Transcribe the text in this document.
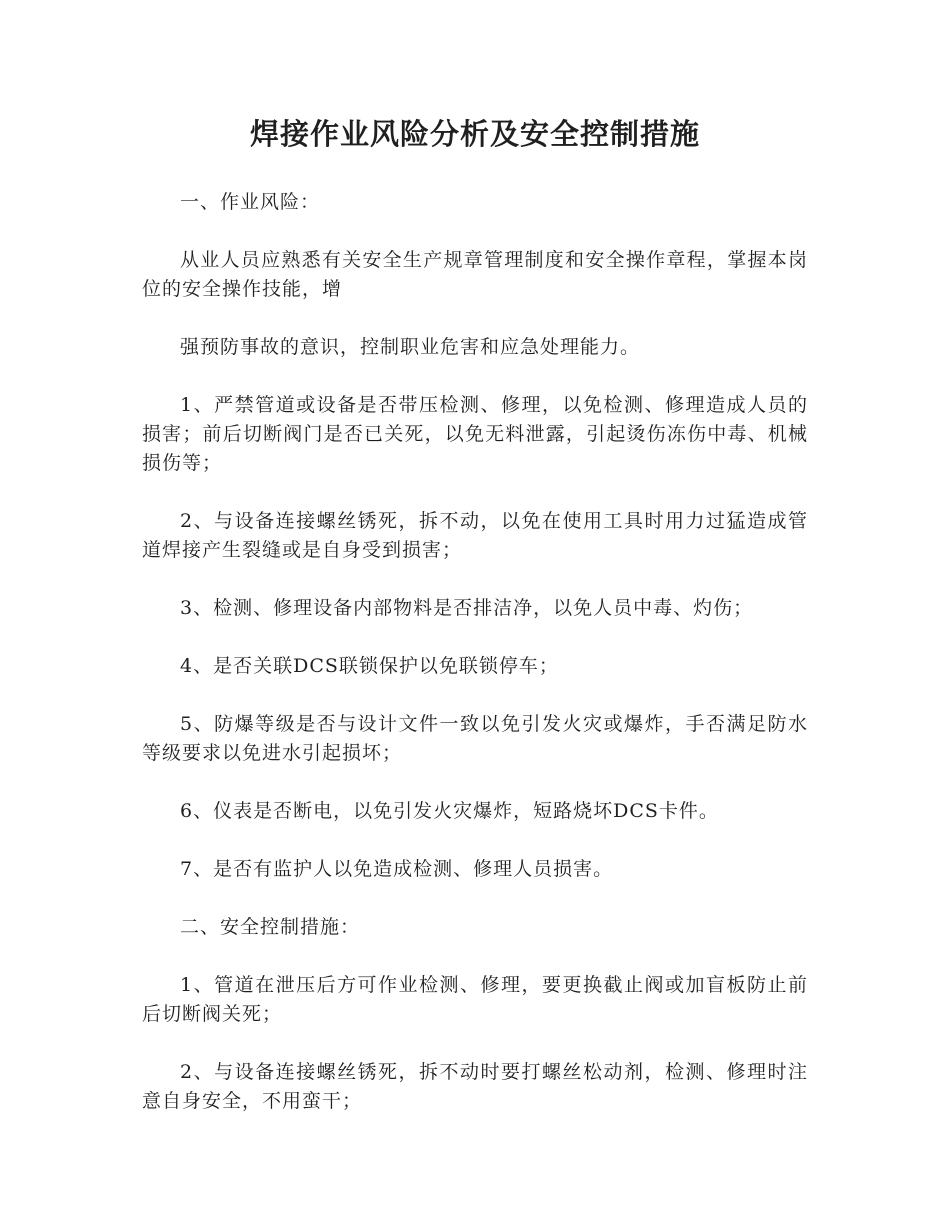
焊接作业风险分析及安全控制措施

一、作业风险：

从业人员应熟悉有关安全生产规章管理制度和安全操作章程，掌握本岗位的安全操作技能，增

强预防事故的意识，控制职业危害和应急处理能力。

1、严禁管道或设备是否带压检测、修理，以免检测、修理造成人员的损害；前后切断阀门是否已关死，以免无料泄露，引起烫伤冻伤中毒、机械损伤等；

2、与设备连接螺丝锈死，拆不动，以免在使用工具时用力过猛造成管道焊接产生裂缝或是自身受到损害；

3、检测、修理设备内部物料是否排洁净，以免人员中毒、灼伤；

4、是否关联DCS联锁保护以免联锁停车；

5、防爆等级是否与设计文件一致以免引发火灾或爆炸，手否满足防水等级要求以免进水引起损坏；

6、仪表是否断电，以免引发火灾爆炸，短路烧坏DCS卡件。

7、是否有监护人以免造成检测、修理人员损害。

二、安全控制措施：

1、管道在泄压后方可作业检测、修理，要更换截止阀或加盲板防止前后切断阀关死；

2、与设备连接螺丝锈死，拆不动时要打螺丝松动剂，检测、修理时注意自身安全，不用蛮干；
